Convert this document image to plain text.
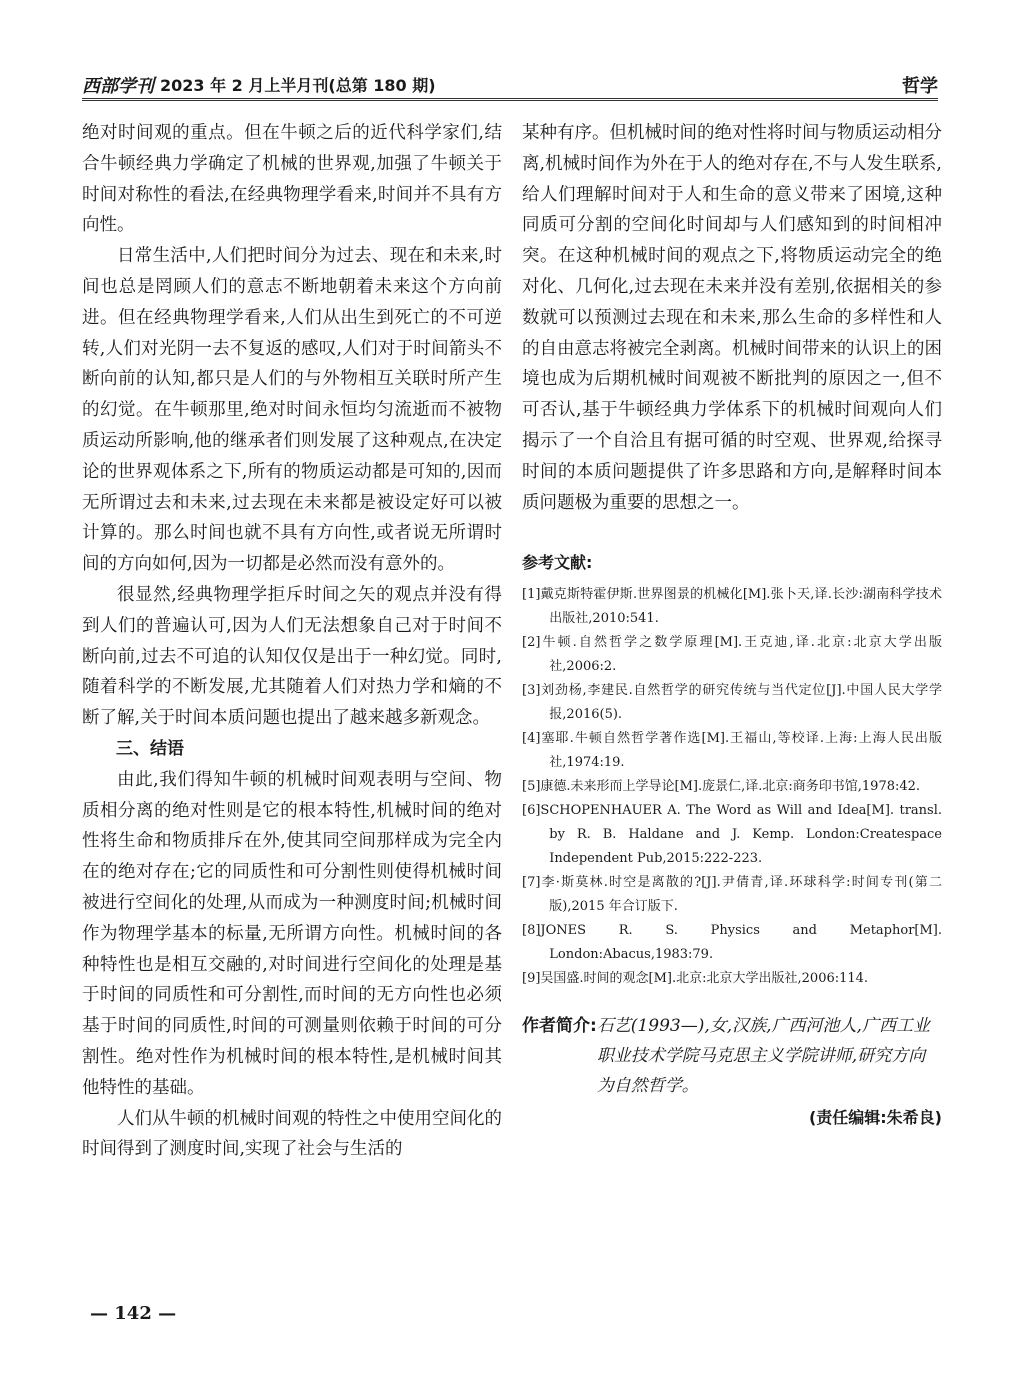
西部学刊 2023 年 2 月上半月刊(总第 180 期)	哲学

绝对时间观的重点。但在牛顿之后的近代科学家们,结合牛顿经典力学确定了机械的世界观,加强了牛顿关于时间对称性的看法,在经典物理学看来,时间并不具有方向性。

日常生活中,人们把时间分为过去、现在和未来,时间也总是罔顾人们的意志不断地朝着未来这个方向前进。但在经典物理学看来,人们从出生到死亡的不可逆转,人们对光阴一去不复返的感叹,人们对于时间箭头不断向前的认知,都只是人们的与外物相互关联时所产生的幻觉。在牛顿那里,绝对时间永恒均匀流逝而不被物质运动所影响,他的继承者们则发展了这种观点,在决定论的世界观体系之下,所有的物质运动都是可知的,因而无所谓过去和未来,过去现在未来都是被设定好可以被计算的。那么时间也就不具有方向性,或者说无所谓时间的方向如何,因为一切都是必然而没有意外的。

很显然,经典物理学拒斥时间之矢的观点并没有得到人们的普遍认可,因为人们无法想象自己对于时间不断向前,过去不可追的认知仅仅是出于一种幻觉。同时,随着科学的不断发展,尤其随着人们对热力学和熵的不断了解,关于时间本质问题也提出了越来越多新观念。

三、结语

由此,我们得知牛顿的机械时间观表明与空间、物质相分离的绝对性则是它的根本特性,机械时间的绝对性将生命和物质排斥在外,使其同空间那样成为完全内在的绝对存在;它的同质性和可分割性则使得机械时间被进行空间化的处理,从而成为一种测度时间;机械时间作为物理学基本的标量,无所谓方向性。机械时间的各种特性也是相互交融的,对时间进行空间化的处理是基于时间的同质性和可分割性,而时间的无方向性也必须基于时间的同质性,时间的可测量则依赖于时间的可分割性。绝对性作为机械时间的根本特性,是机械时间其他特性的基础。

人们从牛顿的机械时间观的特性之中使用空间化的时间得到了测度时间,实现了社会与生活的

某种有序。但机械时间的绝对性将时间与物质运动相分离,机械时间作为外在于人的绝对存在,不与人发生联系,给人们理解时间对于人和生命的意义带来了困境,这种同质可分割的空间化时间却与人们感知到的时间相冲突。在这种机械时间的观点之下,将物质运动完全的绝对化、几何化,过去现在未来并没有差别,依据相关的参数就可以预测过去现在和未来,那么生命的多样性和人的自由意志将被完全剥离。机械时间带来的认识上的困境也成为后期机械时间观被不断批判的原因之一,但不可否认,基于牛顿经典力学体系下的机械时间观向人们揭示了一个自洽且有据可循的时空观、世界观,给探寻时间的本质问题提供了许多思路和方向,是解释时间本质问题极为重要的思想之一。

参考文献:

[1]戴克斯特霍伊斯.世界图景的机械化[M].张卜天,译.长沙:湖南科学技术出版社,2010:541.

[2]牛顿.自然哲学之数学原理[M].王克迪,译.北京:北京大学出版社,2006:2.

[3]刘劲杨,李建民.自然哲学的研究传统与当代定位[J].中国人民大学学报,2016(5).

[4]塞耶.牛顿自然哲学著作选[M].王福山,等校译.上海:上海人民出版社,1974:19.

[5]康德.未来形而上学导论[M].庞景仁,译.北京:商务印书馆,1978:42.

[6]SCHOPENHAUER A. The Word as Will and Idea[M]. transl. by R. B. Haldane and J. Kemp. London:Createspace Independent Pub,2015:222-223.

[7]李·斯莫林.时空是离散的?[J].尹倩青,译.环球科学:时间专刊(第二版),2015 年合订版下.

[8]JONES R. S. Physics and Metaphor[M]. London:Abacus,1983:79.

[9]吴国盛.时间的观念[M].北京:北京大学出版社,2006:114.

作者简介: 石艺(1993—),女,汉族,广西河池人,广西工业职业技术学院马克思主义学院讲师,研究方向为自然哲学。
(责任编辑:朱希良)
— 142 —
